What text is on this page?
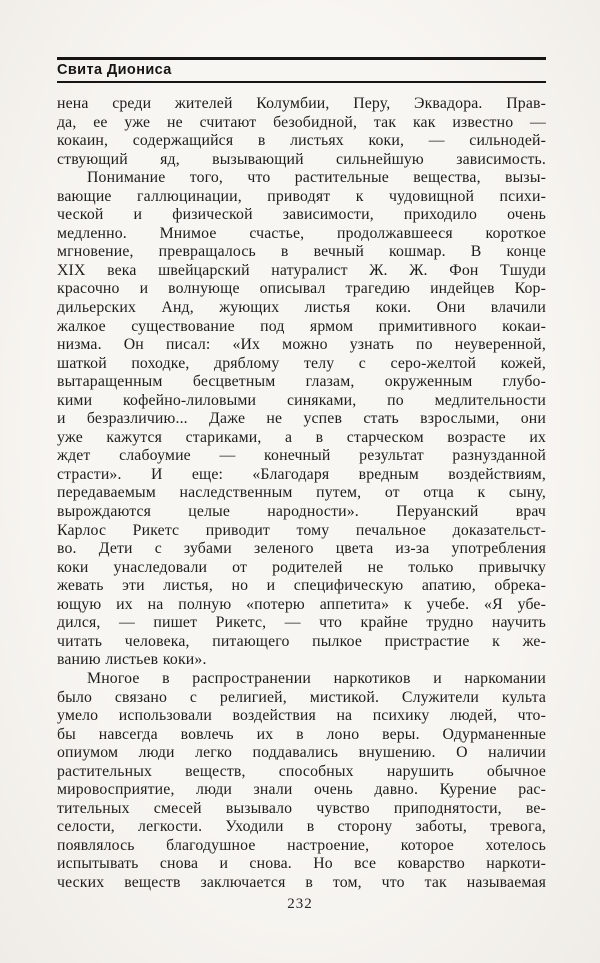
Свита Диониса
нена среди жителей Колумбии, Перу, Эквадора. Прав-
да, ее уже не считают безобидной, так как известно —
кокаин, содержащийся в листьях коки, — сильнодей-
ствующий яд, вызывающий сильнейшую зависимость.
Понимание того, что растительные вещества, вызы-
вающие галлюцинации, приводят к чудовищной психи-
ческой и физической зависимости, приходило очень
медленно. Мнимое счастье, продолжавшееся короткое
мгновение, превращалось в вечный кошмар. В конце
XIX века швейцарский натуралист Ж. Ж. Фон Тшуди
красочно и волнующе описывал трагедию индейцев Кор-
дильерских Анд, жующих листья коки. Они влачили
жалкое существование под ярмом примитивного кокаи-
низма. Он писал: «Их можно узнать по неуверенной,
шаткой походке, дряблому телу с серо-желтой кожей,
вытаращенным бесцветным глазам, окруженным глубо-
кими кофейно-лиловыми синяками, по медлительности
и безразличию... Даже не успев стать взрослыми, они
уже кажутся стариками, а в старческом возрасте их
ждет слабоумие — конечный результат разнузданной
страсти». И еще: «Благодаря вредным воздействиям,
передаваемым наследственным путем, от отца к сыну,
вырождаются целые народности». Перуанский врач
Карлос Рикетс приводит тому печальное доказательст-
во. Дети с зубами зеленого цвета из-за употребления
коки унаследовали от родителей не только привычку
жевать эти листья, но и специфическую апатию, обрека-
ющую их на полную «потерю аппетита» к учебе. «Я убе-
дился, — пишет Рикетс, — что крайне трудно научить
читать человека, питающего пылкое пристрастие к же-
ванию листьев коки».
Многое в распространении наркотиков и наркомании
было связано с религией, мистикой. Служители культа
умело использовали воздействия на психику людей, что-
бы навсегда вовлечь их в лоно веры. Одурманенные
опиумом люди легко поддавались внушению. О наличии
растительных веществ, способных нарушить обычное
мировосприятие, люди знали очень давно. Курение рас-
тительных смесей вызывало чувство приподнятости, ве-
селости, легкости. Уходили в сторону заботы, тревога,
появлялось благодушное настроение, которое хотелось
испытывать снова и снова. Но все коварство наркоти-
ческих веществ заключается в том, что так называемая
232
